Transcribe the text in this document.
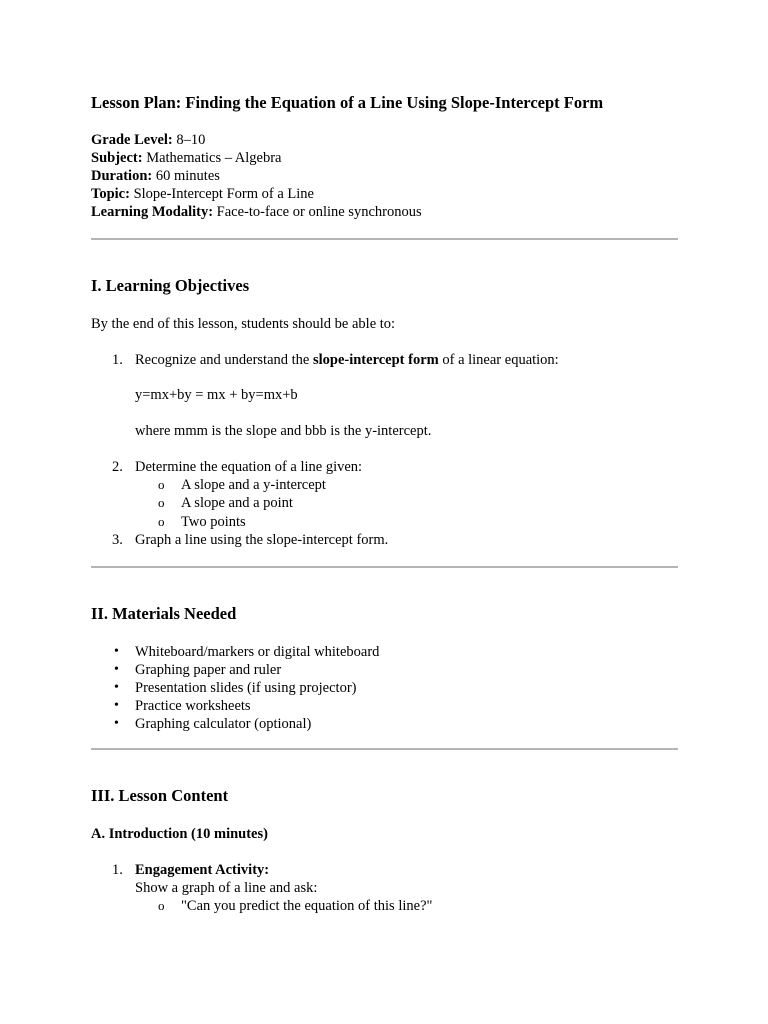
Lesson Plan: Finding the Equation of a Line Using Slope-Intercept Form
Grade Level: 8–10
Subject: Mathematics – Algebra
Duration: 60 minutes
Topic: Slope-Intercept Form of a Line
Learning Modality: Face-to-face or online synchronous
I. Learning Objectives
By the end of this lesson, students should be able to:
1. Recognize and understand the slope-intercept form of a linear equation:
y=mx+by = mx + by=mx+b
where mmm is the slope and bbb is the y-intercept.
2. Determine the equation of a line given:
o A slope and a y-intercept
o A slope and a point
o Two points
3. Graph a line using the slope-intercept form.
II. Materials Needed
• Whiteboard/markers or digital whiteboard
• Graphing paper and ruler
• Presentation slides (if using projector)
• Practice worksheets
• Graphing calculator (optional)
III. Lesson Content
A. Introduction (10 minutes)
1. Engagement Activity:
Show a graph of a line and ask:
o "Can you predict the equation of this line?"
